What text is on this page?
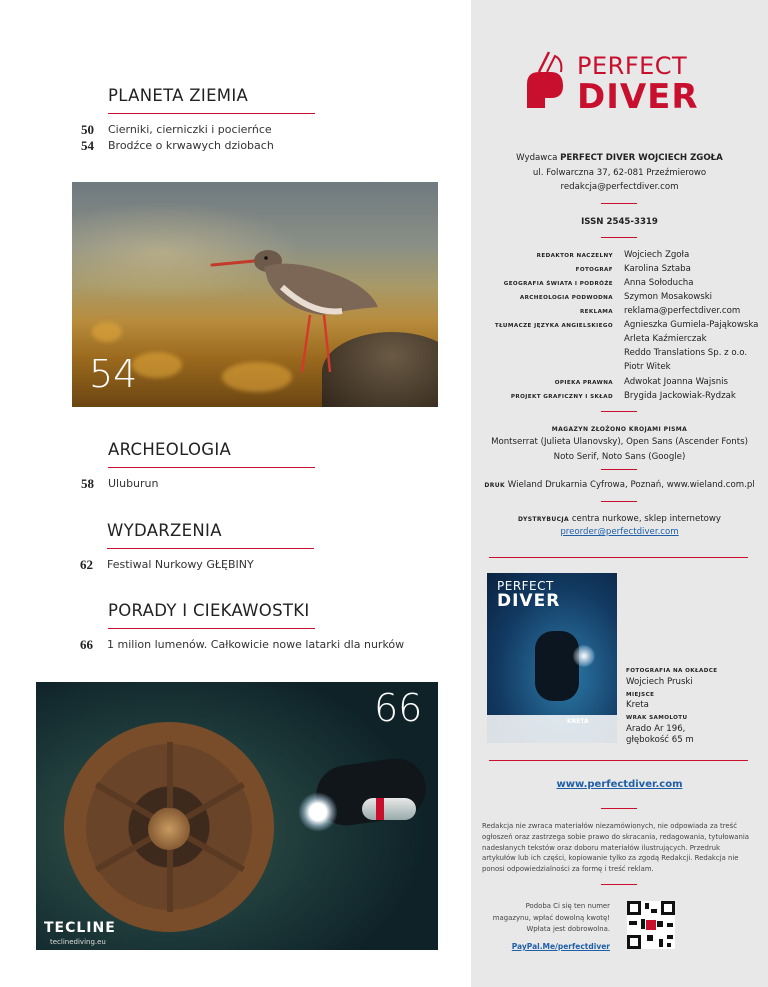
PLANETA ZIEMIA
50 Cierniki, cierniczki i pocierńce
54 Brodźce o krwawych dziobach
54
ARCHEOLOGIA
58 Uluburun
WYDARZENIA
62 Festiwal Nurkowy GŁĘBINY
PORADY I CIEKAWOSTKI
66 1 milion lumenów. Całkowicie nowe latarki dla nurków
66
TECLINE
teclinediving.eu
PERFECT
DIVER
Wydawca PERFECT DIVER WOJCIECH ZGOŁA
ul. Folwarczna 37, 62-081 Przeźmierowo
redakcja@perfectdiver.com
ISSN 2545-3319
REDAKTOR NACZELNY Wojciech Zgoła
FOTOGRAF Karolina Sztaba
GEOGRAFIA ŚWIATA I PODRÓŻE Anna Sołoducha
ARCHEOLOGIA PODWODNA Szymon Mosakowski
REKLAMA reklama@perfectdiver.com
TŁUMACZE JĘZYKA ANGIELSKIEGO Agnieszka Gumiela-Pająkowska
Arleta Kaźmierczak
Reddo Translations Sp. z o.o.
Piotr Witek
OPIEKA PRAWNA Adwokat Joanna Wajsnis
PROJEKT GRAFICZNY I SKŁAD Brygida Jackowiak-Rydzak
MAGAZYN ZŁOŻONO KROJAMI PISMA
Montserrat (Julieta Ulanovsky), Open Sans (Ascender Fonts)
Noto Serif, Noto Sans (Google)
DRUK Wieland Drukarnia Cyfrowa, Poznań, www.wieland.com.pl
DYSTRYBUCJA centra nurkowe, sklep internetowy
preorder@perfectdiver.com
PERFECT
DIVER
FOTOGRAFIA NA OKŁADCE
Wojciech Pruski
MIEJSCE
Kreta
WRAK SAMOLOTU
Arado Ar 196,
głębokość 65 m
www.perfectdiver.com

Redakcja nie zwraca materiałów niezamówionych, nie odpowiada za treść ogłoszeń oraz zastrzega sobie prawo do skracania, redagowania, tytułowania nadesłanych tekstów oraz doboru materiałów ilustrujących. Przedruk artykułów lub ich części, kopiowanie tylko za zgodą Redakcji. Redakcja nie ponosi odpowiedzialności za formę i treść reklam.

Podoba Ci się ten numer
magazynu, wpłać dowolną kwotę!
Wpłata jest dobrowolna.
PayPal.Me/perfectdiver
